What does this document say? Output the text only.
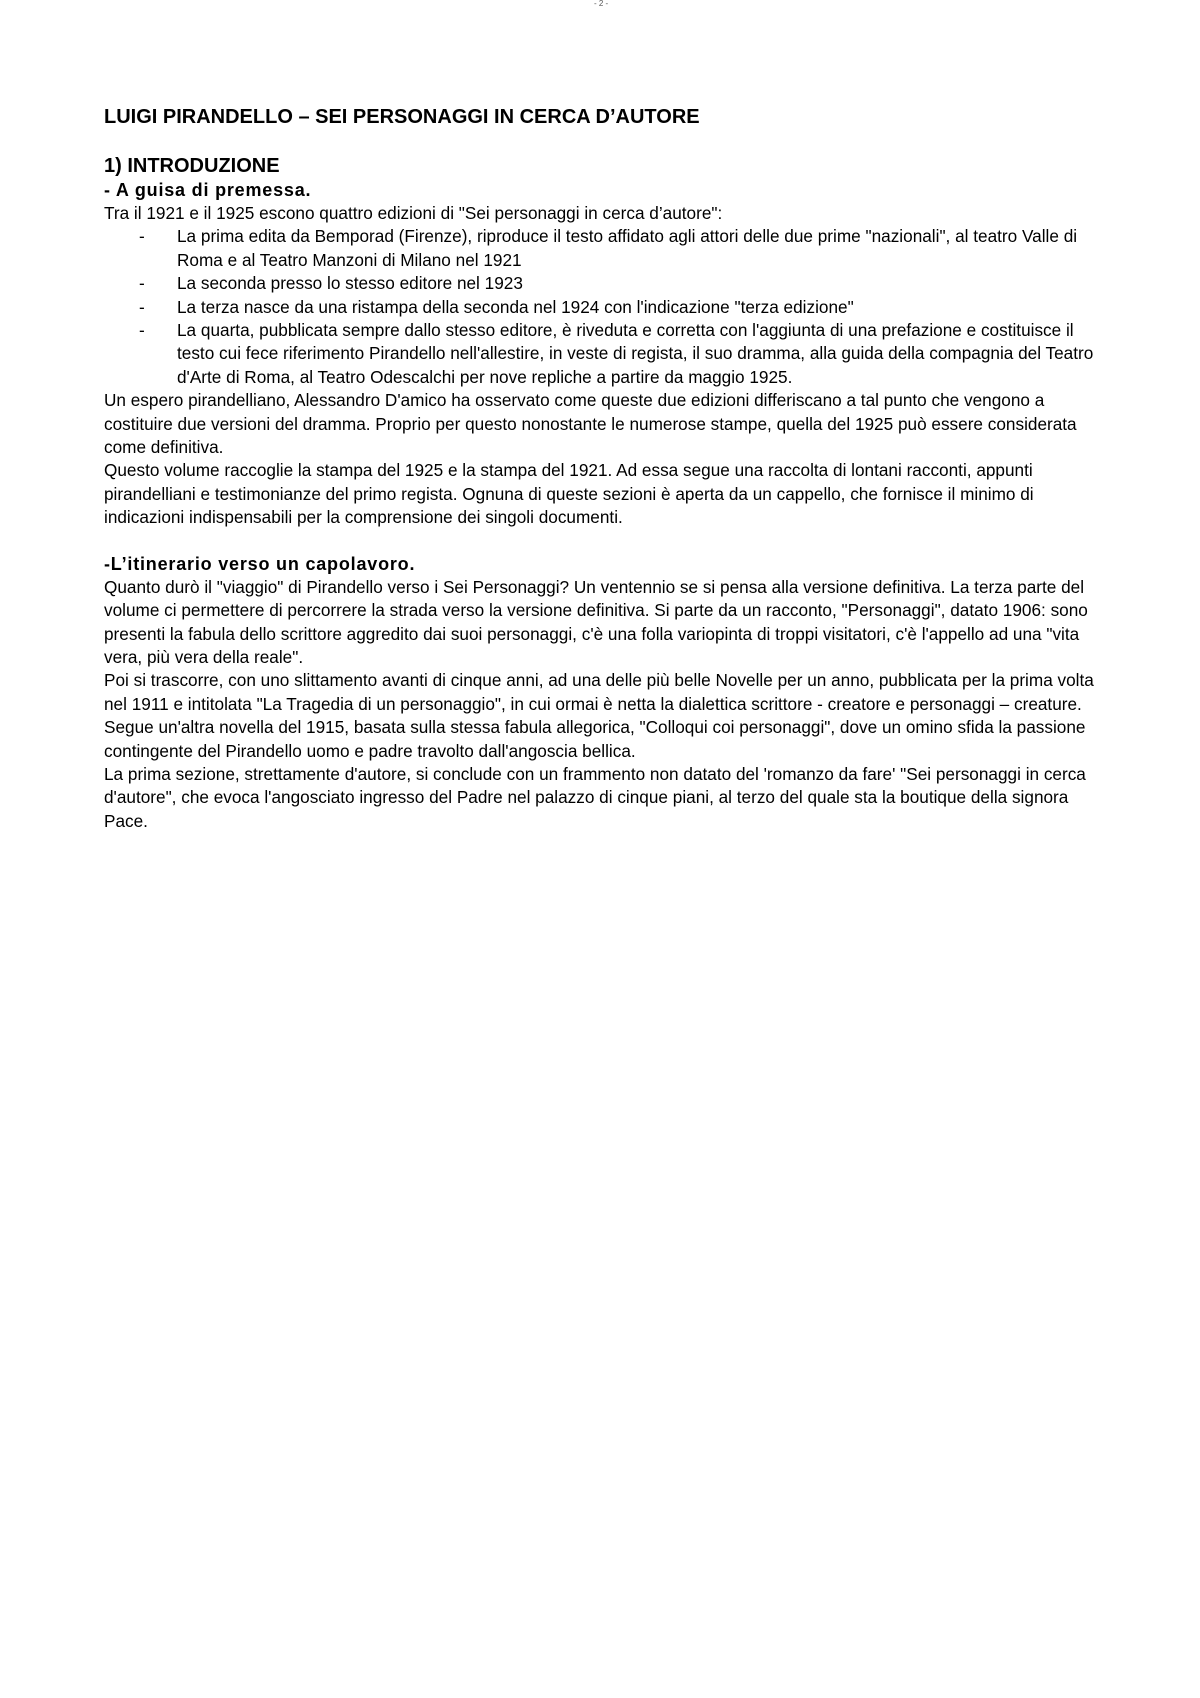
- 2 -
LUIGI PIRANDELLO – SEI PERSONAGGI IN CERCA D’AUTORE
1) INTRODUZIONE
- A guisa di premessa.

Tra il 1921 e il 1925 escono quattro edizioni di "Sei personaggi in cerca d’autore":

- La prima edita da Bemporad (Firenze), riproduce il testo affidato agli attori delle due prime "nazionali", al teatro Valle di Roma e al Teatro Manzoni di Milano nel 1921
- La seconda presso lo stesso editore nel 1923
- La terza nasce da una ristampa della seconda nel 1924 con l'indicazione "terza edizione"
- La quarta, pubblicata sempre dallo stesso editore, è riveduta e corretta con l'aggiunta di una prefazione e costituisce il testo cui fece riferimento Pirandello nell'allestire, in veste di regista, il suo dramma, alla guida della compagnia del Teatro d'Arte di Roma, al Teatro Odescalchi per nove repliche a partire da maggio 1925.

Un espero pirandelliano, Alessandro D'amico ha osservato come queste due edizioni differiscano a tal punto che vengono a costituire due versioni del dramma. Proprio per questo nonostante le numerose stampe, quella del 1925 può essere considerata come definitiva.

Questo volume raccoglie la stampa del 1925 e la stampa del 1921. Ad essa segue una raccolta di lontani racconti, appunti pirandelliani e testimonianze del primo regista. Ognuna di queste sezioni è aperta da un cappello, che fornisce il minimo di indicazioni indispensabili per la comprensione dei singoli documenti.

-L’itinerario verso un capolavoro.

Quanto durò il "viaggio" di Pirandello verso i Sei Personaggi? Un ventennio se si pensa alla versione definitiva. La terza parte del volume ci permettere di percorrere la strada verso la versione definitiva. Si parte da un racconto, "Personaggi", datato 1906: sono presenti la fabula dello scrittore aggredito dai suoi personaggi, c'è una folla variopinta di troppi visitatori, c'è l'appello ad una "vita vera, più vera della reale".

Poi si trascorre, con uno slittamento avanti di cinque anni, ad una delle più belle Novelle per un anno, pubblicata per la prima volta nel 1911 e intitolata "La Tragedia di un personaggio", in cui ormai è netta la dialettica scrittore - creatore e personaggi – creature.

Segue un'altra novella del 1915, basata sulla stessa fabula allegorica, "Colloqui coi personaggi", dove un omino sfida la passione contingente del Pirandello uomo e padre travolto dall'angoscia bellica.

La prima sezione, strettamente d'autore, si conclude con un frammento non datato del 'romanzo da fare' "Sei personaggi in cerca d'autore", che evoca l'angosciato ingresso del Padre nel palazzo di cinque piani, al terzo del quale sta la boutique della signora Pace.
